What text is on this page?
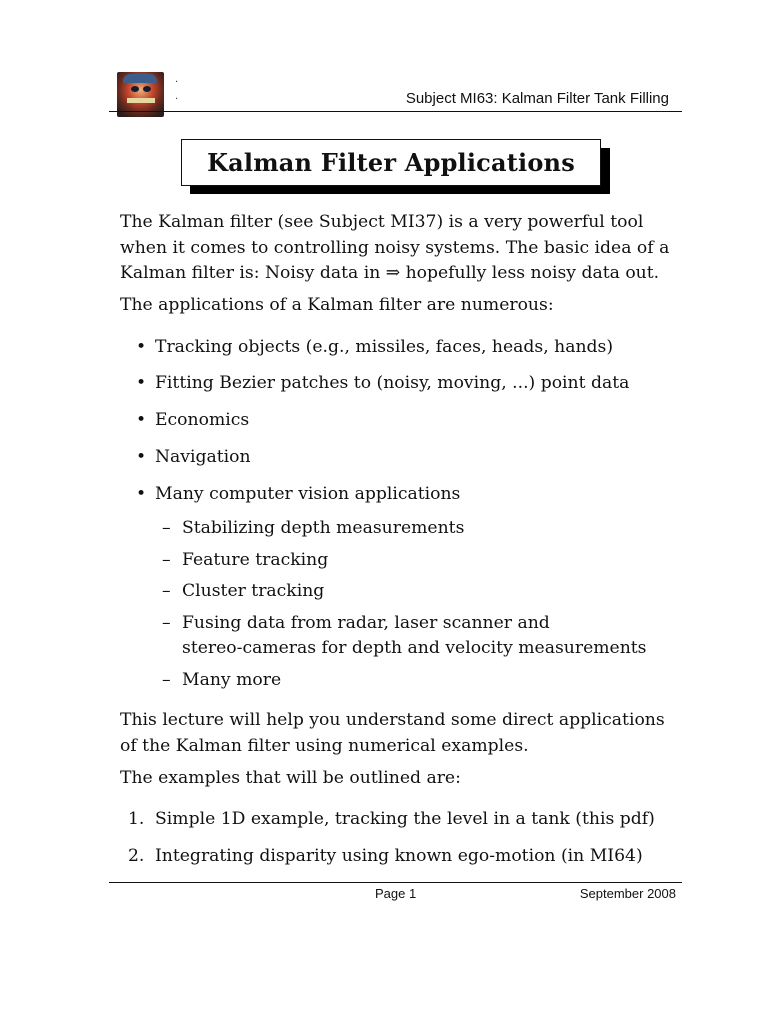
.
.	Subject MI63: Kalman Filter Tank Filling
Kalman Filter Applications
The Kalman filter (see Subject MI37) is a very powerful tool
when it comes to controlling noisy systems. The basic idea of a
Kalman filter is: Noisy data in ⇒ hopefully less noisy data out.
The applications of a Kalman filter are numerous:
• Tracking objects (e.g., missiles, faces, heads, hands)
• Fitting Bezier patches to (noisy, moving, ...) point data
• Economics
• Navigation
• Many computer vision applications
– Stabilizing depth measurements
– Feature tracking
– Cluster tracking
– Fusing data from radar, laser scanner and
stereo-cameras for depth and velocity measurements
– Many more
This lecture will help you understand some direct applications
of the Kalman filter using numerical examples.
The examples that will be outlined are:
1. Simple 1D example, tracking the level in a tank (this pdf)
2. Integrating disparity using known ego-motion (in MI64)
Page 1	September 2008
